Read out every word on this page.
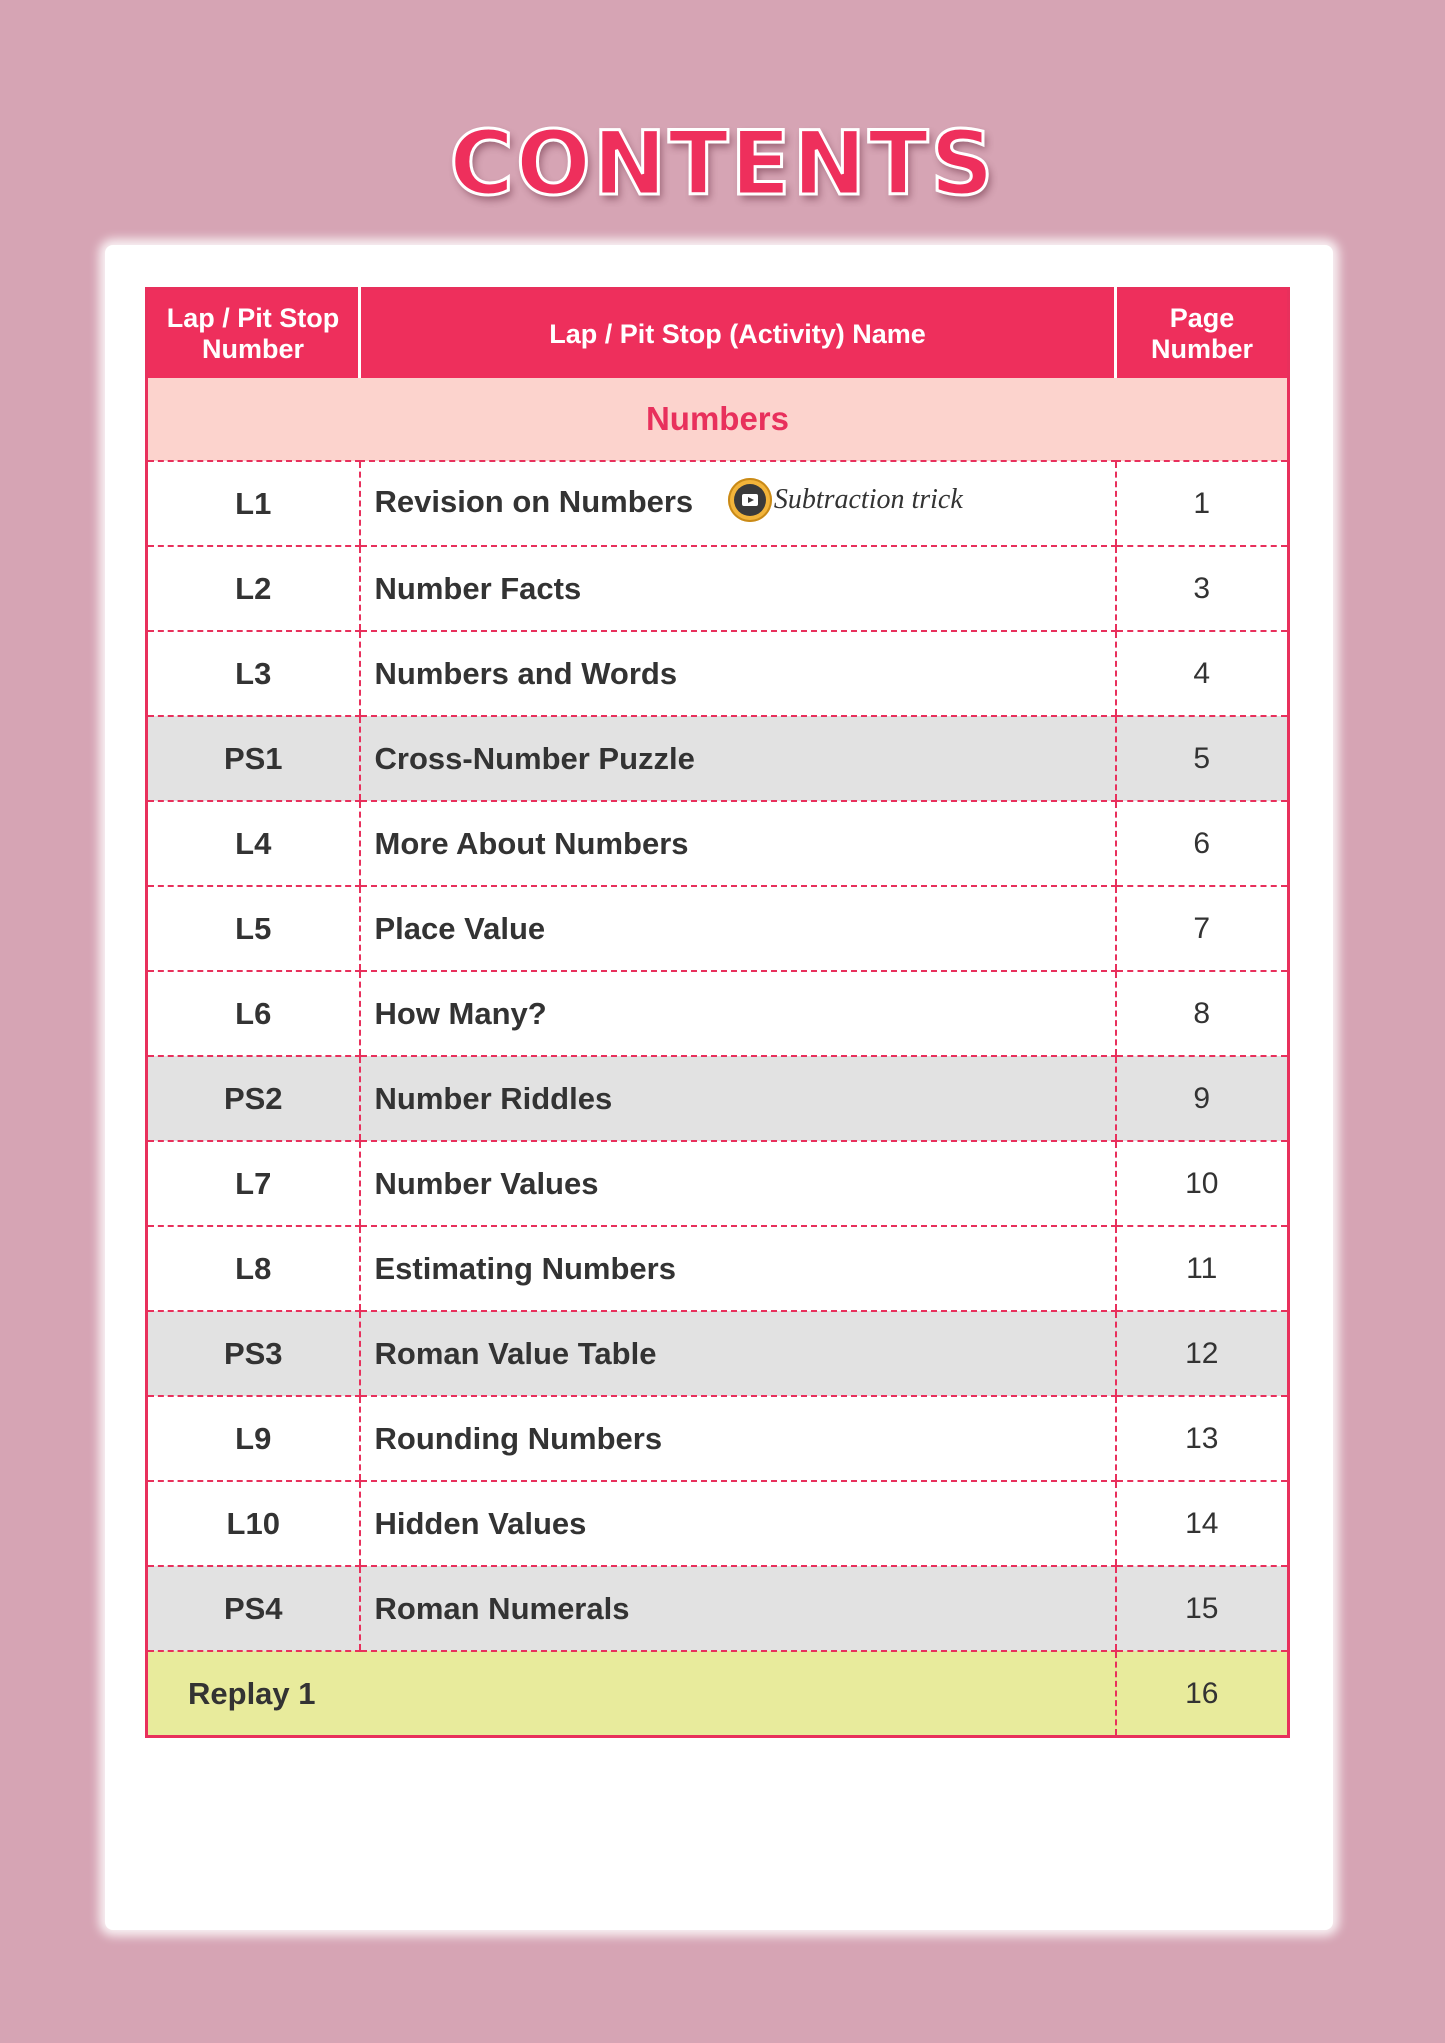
CONTENTS
Lap / Pit Stop Number	Lap / Pit Stop (Activity) Name	Page Number
Numbers		
L1	Revision on Numbers Subtraction trick	1
L2	Number Facts	3
L3	Numbers and Words	4
PS1	Cross-Number Puzzle	5
L4	More About Numbers	6
L5	Place Value	7
L6	How Many?	8
PS2	Number Riddles	9
L7	Number Values	10
L8	Estimating Numbers	11
PS3	Roman Value Table	12
L9	Rounding Numbers	13
L10	Hidden Values	14
PS4	Roman Numerals	15
Replay 1		16
